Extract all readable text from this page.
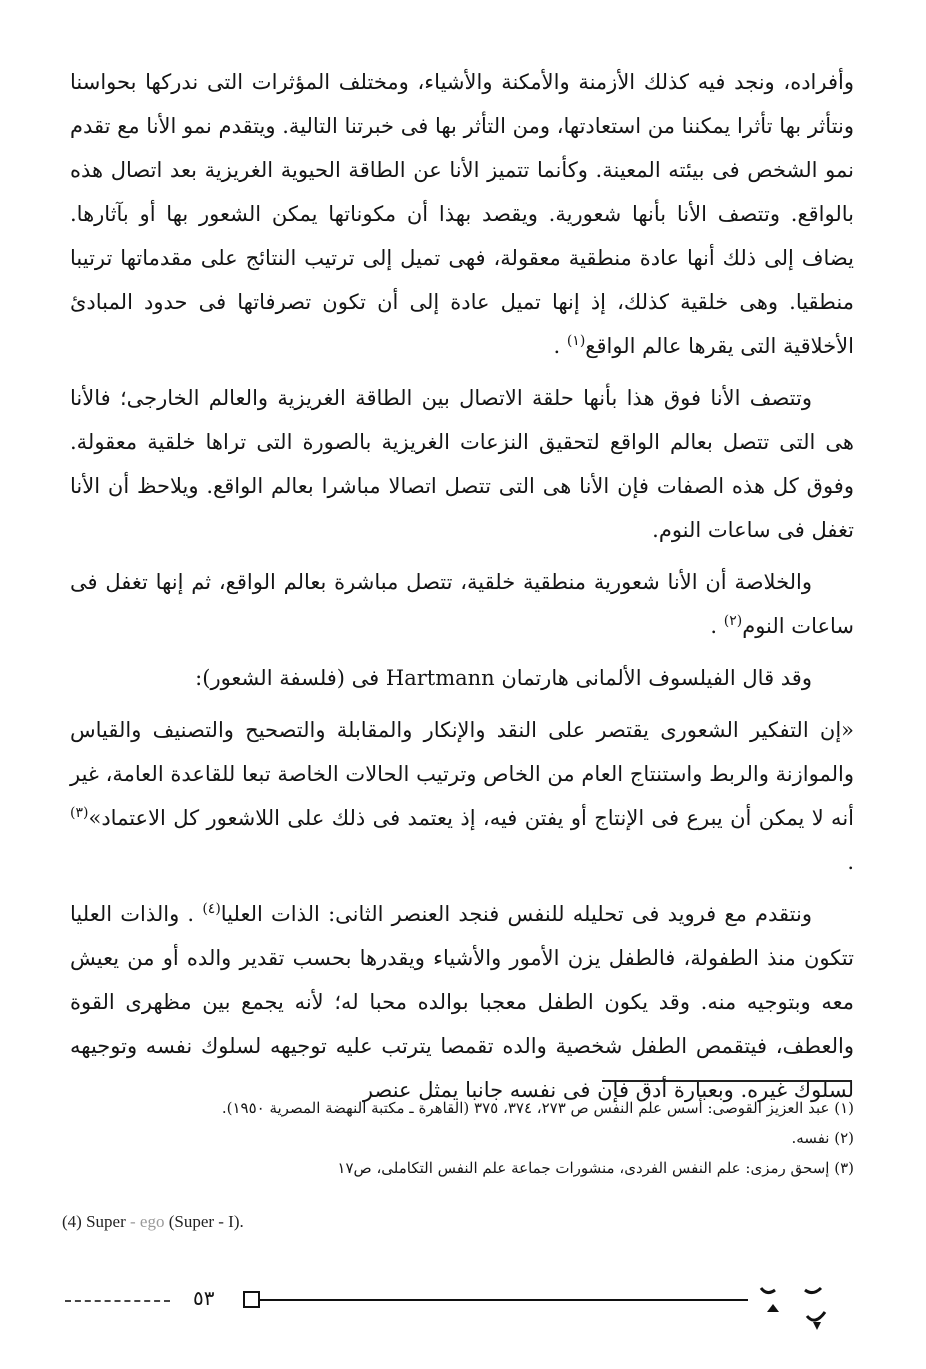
وأفراده، ونجد فيه كذلك الأزمنة والأمكنة والأشياء، ومختلف المؤثرات التى ندركها بحواسنا ونتأثر بها تأثرا يمكننا من استعادتها، ومن التأثر بها فى خبرتنا التالية. ويتقدم نمو الأنا مع تقدم نمو الشخص فى بيئته المعينة. وكأنما تتميز الأنا عن الطاقة الحيوية الغريزية بعد اتصال هذه بالواقع. وتتصف الأنا بأنها شعورية. ويقصد بهذا أن مكوناتها يمكن الشعور بها أو بآثارها. يضاف إلى ذلك أنها عادة منطقية معقولة، فهى تميل إلى ترتيب النتائج على مقدماتها ترتيبا منطقيا. وهى خلقية كذلك، إذ إنها تميل عادة إلى أن تكون تصرفاتها فى حدود المبادئ الأخلاقية التى يقرها عالم الواقع$^{(١)}$ .

وتتصف الأنا فوق هذا بأنها حلقة الاتصال بين الطاقة الغريزية والعالم الخارجى؛ فالأنا هى التى تتصل بعالم الواقع لتحقيق النزعات الغريزية بالصورة التى تراها خلقية معقولة. وفوق كل هذه الصفات فإن الأنا هى التى تتصل اتصالا مباشرا بعالم الواقع. ويلاحظ أن الأنا تغفل فى ساعات النوم.

والخلاصة أن الأنا شعورية منطقية خلقية، تتصل مباشرة بعالم الواقع، ثم إنها تغفل فى ساعات النوم$^{(٢)}$ .

وقد قال الفيلسوف الألمانى هارتمان Hartmann فى (فلسفة الشعور):

«إن التفكير الشعورى يقتصر على النقد والإنكار والمقابلة والتصحيح والتصنيف والقياس والموازنة والربط واستنتاج العام من الخاص وترتيب الحالات الخاصة تبعا للقاعدة العامة، غير أنه لا يمكن أن يبرع فى الإنتاج أو يفتن فيه، إذ يعتمد فى ذلك على اللاشعور كل الاعتماد»$^{(٣)}$ .

ونتقدم مع فرويد فى تحليله للنفس فنجد العنصر الثانى: الذات العليا$^{(٤)}$ . والذات العليا تتكون منذ الطفولة، فالطفل يزن الأمور والأشياء ويقدرها بحسب تقدير والده أو من يعيش معه وبتوجيه منه. وقد يكون الطفل معجبا بوالده محبا له؛ لأنه يجمع بين مظهرى القوة والعطف، فيتقمص الطفل شخصية والده تقمصا يترتب عليه توجيهه لسلوك نفسه وتوجيهه لسلوك غيره. وبعبارة أدق فإن فى نفسه جانبا يمثل عنصر

(١) عبد العزيز القوصى: أسس علم النفس ص ٢٧٣، ٣٧٤، ٣٧٥ (القاهرة ـ مكتبة النهضة المصرية ١٩٥٠).

(٢) نفسه.

(٣) إسحق رمزى: علم النفس الفردى، منشورات جماعة علم النفس التكاملى، ص١٧

(4) Super - ego (Super - I).
٥٣
